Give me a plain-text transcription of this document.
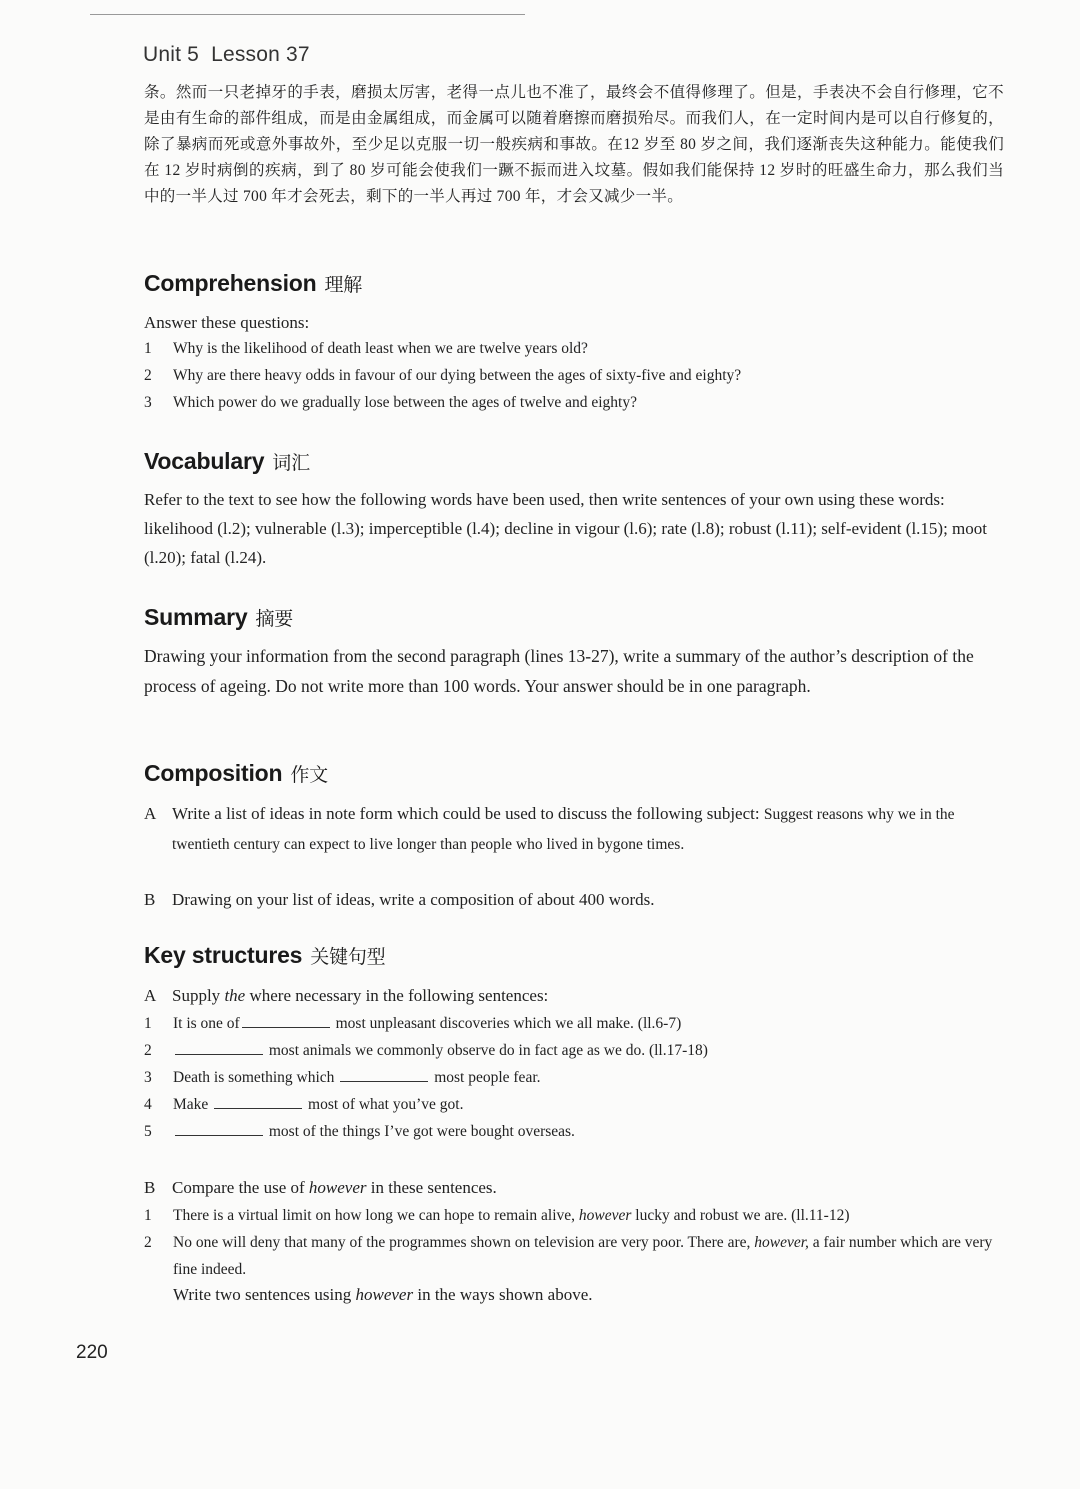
Unit 5 Lesson 37

条。然而一只老掉牙的手表，磨损太厉害，老得一点儿也不准了，最终会不值得修理了。但是，手表决不会自行修理，它不是由有生命的部件组成，而是由金属组成，而金属可以随着磨擦而磨损殆尽。而我们人，在一定时间内是可以自行修复的，除了暴病而死或意外事故外，至少足以克服一切一般疾病和事故。在12 岁至 80 岁之间，我们逐渐丧失这种能力。能使我们在 12 岁时病倒的疾病，到了 80 岁可能会使我们一蹶不振而进入坟墓。假如我们能保持 12 岁时的旺盛生命力，那么我们当中的一半人过 700 年才会死去，剩下的一半人再过 700 年，才会又减少一半。

Comprehension 理解

Answer these questions:

1	Why is the likelihood of death least when we are twelve years old?
2	Why are there heavy odds in favour of our dying between the ages of sixty-five and eighty?
3	Which power do we gradually lose between the ages of twelve and eighty?
Vocabulary 词汇

Refer to the text to see how the following words have been used, then write sentences of your own using these words: likelihood (l.2); vulnerable (l.3); imperceptible (l.4); decline in vigour (l.6); rate (l.8); robust (l.11); self-evident (l.15); moot (l.20); fatal (l.24).

Summary 摘要

Drawing your information from the second paragraph (lines 13-27), write a summary of the author’s description of the process of ageing. Do not write more than 100 words. Your answer should be in one paragraph.

Composition 作文
A Write a list of ideas in note form which could be used to discuss the following subject: Suggest reasons why we in the twentieth century can expect to live longer than people who lived in bygone times.
B Drawing on your list of ideas, write a composition of about 400 words.
Key structures 关键句型
A Supply the where necessary in the following sentences:
1	It is one of	most unpleasant discoveries which we all make. (ll.6-7)
2	most animals we commonly observe do in fact age as we do. (ll.17-18)
3	Death is something which	most people fear.
4	Make	most of what you’ve got.
5	most of the things I’ve got were bought overseas.
B Compare the use of however in these sentences.
1	There is a virtual limit on how long we can hope to remain alive, however lucky and robust we are. (ll.11-12)
2	No one will deny that many of the programmes shown on television are very poor. There are, however, a fair number which are very fine indeed.

Write two sentences using however in the ways shown above.

220
